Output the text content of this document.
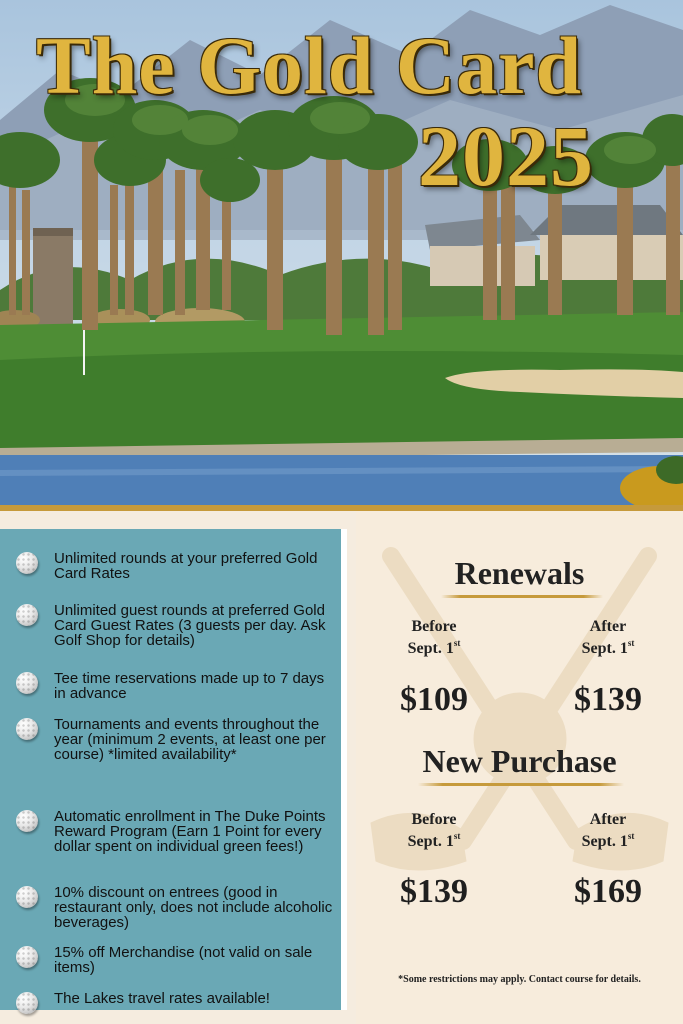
The Gold Card
2025

Unlimited rounds at your preferred Gold Card Rates

Unlimited guest rounds at preferred Gold Card Guest Rates (3 guests per day. Ask Golf Shop for details)

Tee time reservations made up to 7 days in advance

Tournaments and events throughout the year (minimum 2 events, at least one per course) *limited availability*

Automatic enrollment in The Duke Points Reward Program (Earn 1 Point for every dollar spent on individual green fees!)

10% discount on entrees (good in restaurant only, does not include alcoholic beverages)

15% off Merchandise (not valid on sale items)

The Lakes travel rates available!

Renewals
Before
Sept. 1st
After
Sept. 1st
$109	$139
New Purchase
Before
Sept. 1st
After
Sept. 1st
$139	$169

*Some restrictions may apply. Contact course for details.
